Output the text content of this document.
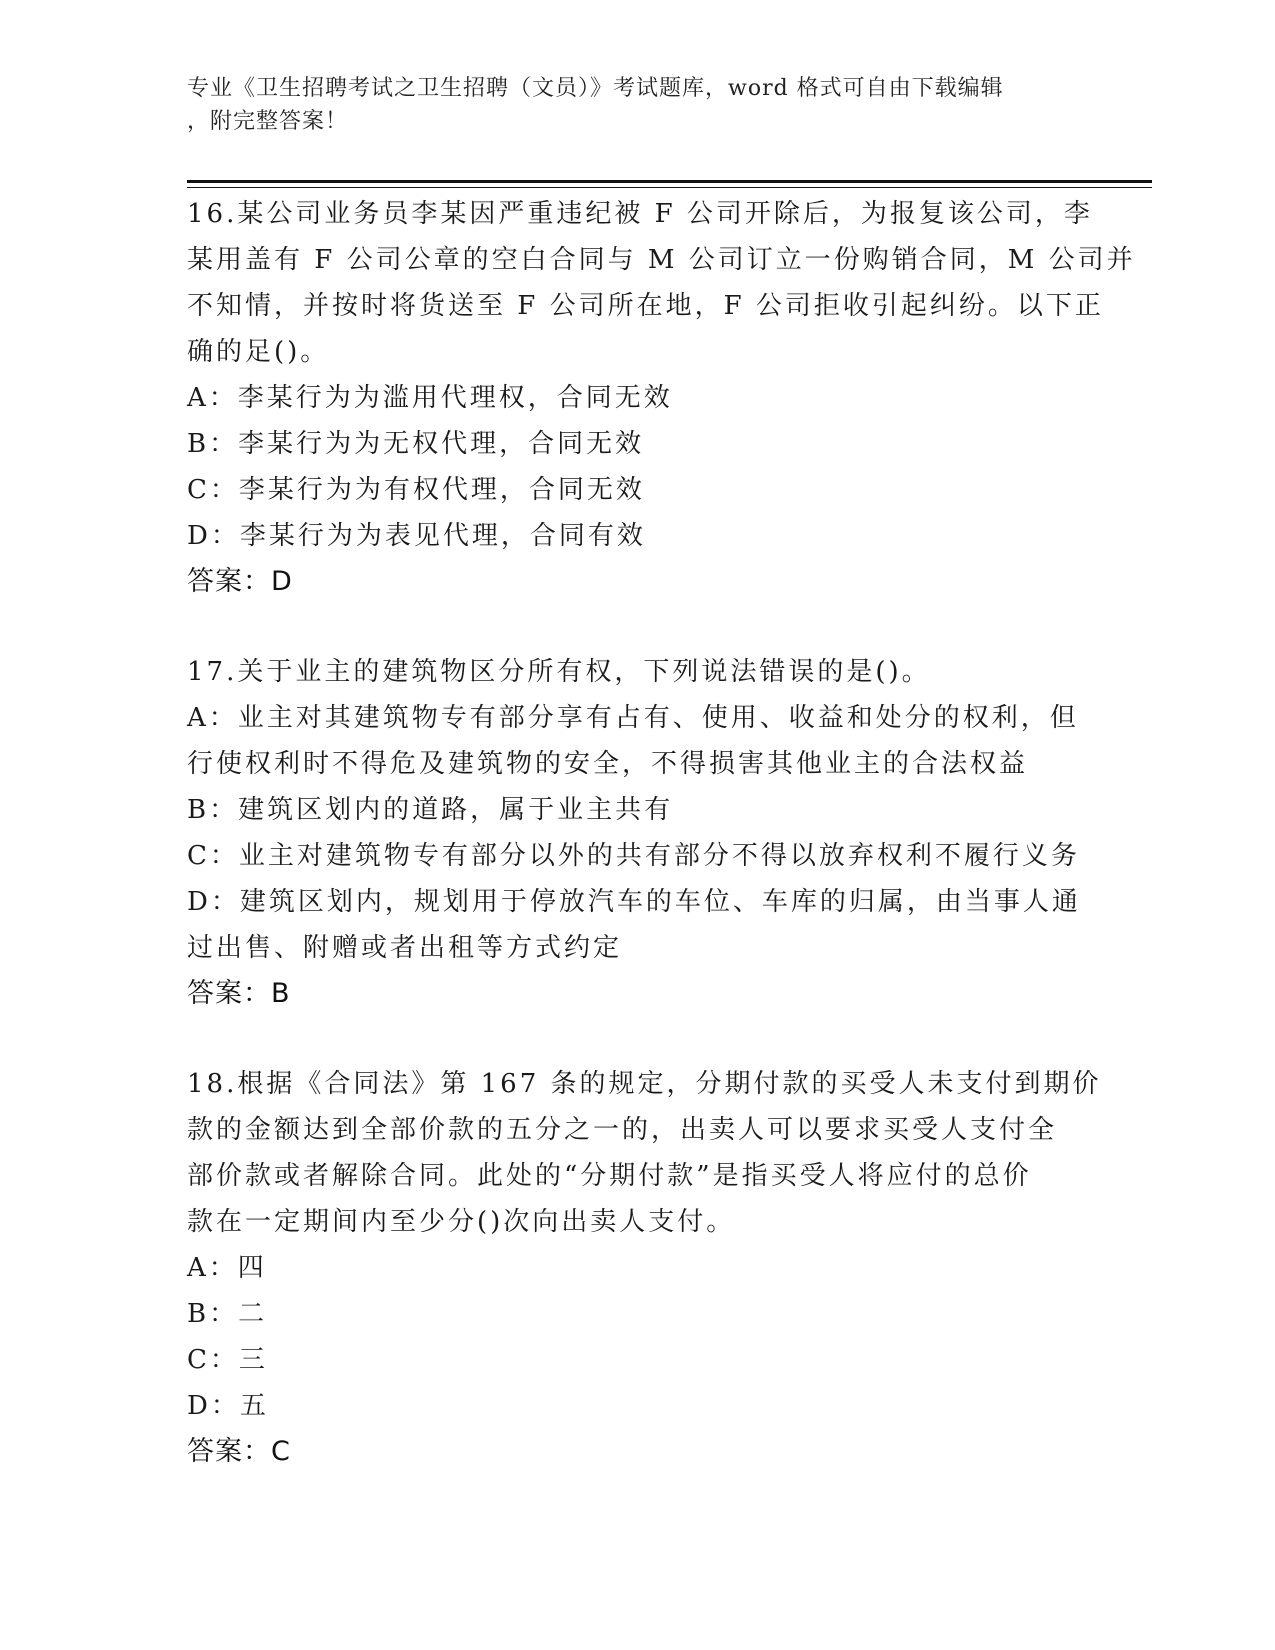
专业《卫生招聘考试之卫生招聘（文员）》考试题库，word 格式可自由下载编辑
，附完整答案！
16.某公司业务员李某因严重违纪被 F 公司开除后，为报复该公司，李
某用盖有 F 公司公章的空白合同与 M 公司订立一份购销合同，M 公司并
不知情，并按时将货送至 F 公司所在地，F 公司拒收引起纠纷。以下正
确的足()。
A：李某行为为滥用代理权，合同无效
B：李某行为为无权代理，合同无效
C：李某行为为有权代理，合同无效
D：李某行为为表见代理，合同有效
答案：D
17.关于业主的建筑物区分所有权，下列说法错误的是()。
A：业主对其建筑物专有部分享有占有、使用、收益和处分的权利，但
行使权利时不得危及建筑物的安全，不得损害其他业主的合法权益
B：建筑区划内的道路，属于业主共有
C：业主对建筑物专有部分以外的共有部分不得以放弃权利不履行义务
D：建筑区划内，规划用于停放汽车的车位、车库的归属，由当事人通
过出售、附赠或者出租等方式约定
答案：B
18.根据《合同法》第 167 条的规定，分期付款的买受人未支付到期价
款的金额达到全部价款的五分之一的，出卖人可以要求买受人支付全
部价款或者解除合同。此处的“分期付款”是指买受人将应付的总价
款在一定期间内至少分()次向出卖人支付。
A：四
B：二
C：三
D：五
答案：C
